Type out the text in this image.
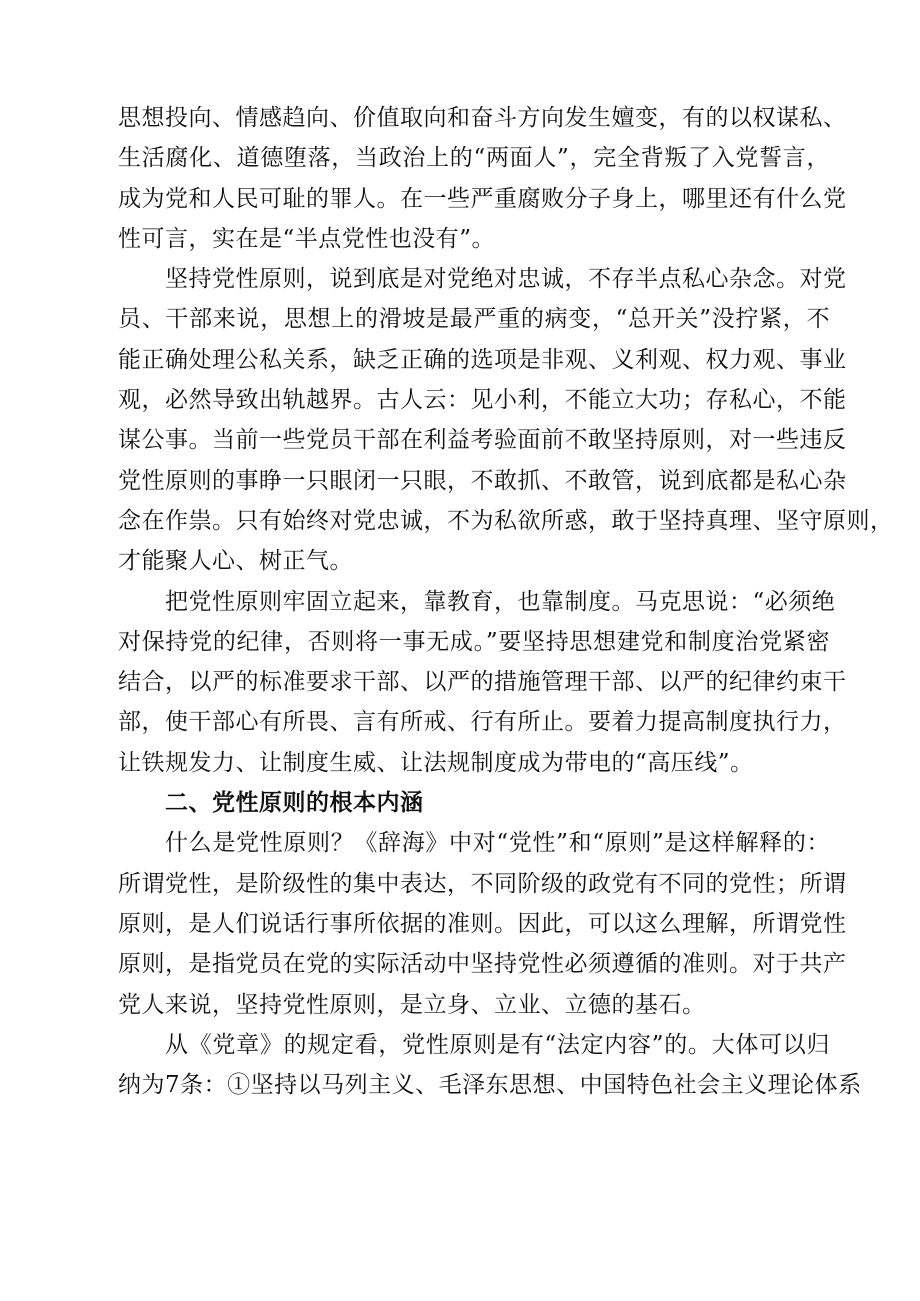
思想投向、情感趋向、价值取向和奋斗方向发生嬗变，有的以权谋私、
生活腐化、道德堕落，当政治上的“两面人”，完全背叛了入党誓言，
成为党和人民可耻的罪人。在一些严重腐败分子身上，哪里还有什么党
性可言，实在是“半点党性也没有”。
坚持党性原则，说到底是对党绝对忠诚，不存半点私心杂念。对党
员、干部来说，思想上的滑坡是最严重的病变，“总开关”没拧紧，不
能正确处理公私关系，缺乏正确的选项是非观、义利观、权力观、事业
观，必然导致出轨越界。古人云：见小利，不能立大功；存私心，不能
谋公事。当前一些党员干部在利益考验面前不敢坚持原则，对一些违反
党性原则的事睁一只眼闭一只眼，不敢抓、不敢管，说到底都是私心杂
念在作祟。只有始终对党忠诚，不为私欲所惑，敢于坚持真理、坚守原则，
才能聚人心、树正气。
把党性原则牢固立起来，靠教育，也靠制度。马克思说：“必须绝
对保持党的纪律，否则将一事无成。”要坚持思想建党和制度治党紧密
结合，以严的标准要求干部、以严的措施管理干部、以严的纪律约束干
部，使干部心有所畏、言有所戒、行有所止。要着力提高制度执行力，
让铁规发力、让制度生威、让法规制度成为带电的“高压线”。
二、党性原则的根本内涵
什么是党性原则？《辞海》中对“党性”和“原则”是这样解释的：
所谓党性，是阶级性的集中表达，不同阶级的政党有不同的党性；所谓
原则，是人们说话行事所依据的准则。因此，可以这么理解，所谓党性
原则，是指党员在党的实际活动中坚持党性必须遵循的准则。对于共产
党人来说，坚持党性原则，是立身、立业、立德的基石。
从《党章》的规定看，党性原则是有“法定内容”的。大体可以归
纳为7条：①坚持以马列主义、毛泽东思想、中国特色社会主义理论体系
